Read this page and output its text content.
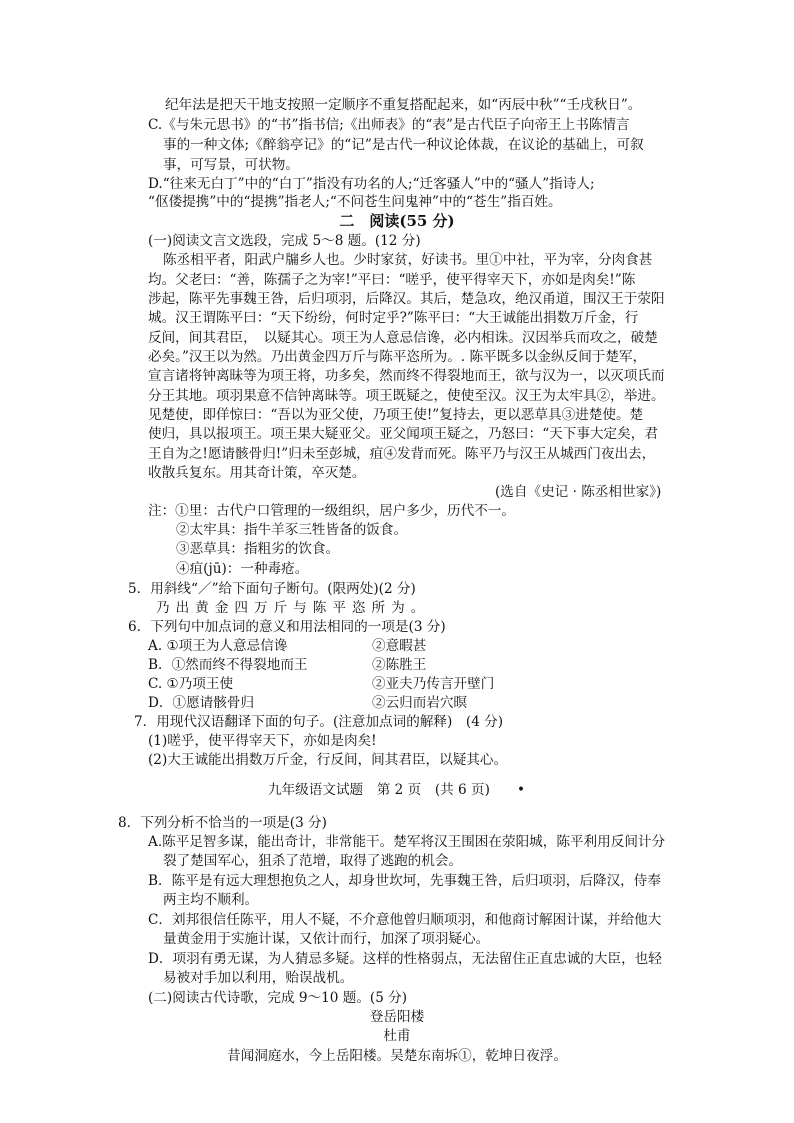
纪年法是把天干地支按照一定顺序不重复搭配起来，如“丙辰中秋”“壬戌秋日”。
C.《与朱元思书》的“书”指书信;《出师表》的“表”是古代臣子向帝王上书陈情言
事的一种文体;《醉翁亭记》的“记”是古代一种议论体裁，在议论的基础上，可叙
事，可写景，可状物。
D.“往来无白丁”中的“白丁”指没有功名的人;“迁客骚人”中的“骚人”指诗人;
“伛偻提携”中的“提携”指老人;“不问苍生问鬼神”中的“苍生”指百姓。
二　阅读(55 分)
(一)阅读文言文选段，完成 5～8 题。(12 分)
陈丞相平者，阳武户牖乡人也。少时家贫，好读书。里①中社，平为宰，分肉食甚
均。父老曰：“善，陈孺子之为宰!”平曰：“嗟乎，使平得宰天下，亦如是肉矣!”陈
涉起，陈平先事魏王咎，后归项羽，后降汉。其后，楚急攻，绝汉甬道，围汉王于荥阳
城。汉王谓陈平曰：“天下纷纷，何时定乎?”陈平曰：“大王诚能出捐数万斤金，行
反间，间其君臣，　以疑其心。项王为人意忌信谗，必内相诛。汉因举兵而攻之，破楚
必矣。”汉王以为然。乃出黄金四万斤与陈平恣所为。. 陈平既多以金纵反间于楚军，
宣言诸将钟离昧等为项王将，功多矣，然而终不得裂地而王，欲与汉为一，以灭项氏而
分王其地。项羽果意不信钟离昧等。项王既疑之，使使至汉。汉王为太牢具②，举进。
见楚使，即佯惊曰：“吾以为亚父使，乃项王使!”复持去，更以恶草具③进楚使。楚
使归，具以报项王。项王果大疑亚父。亚父闻项王疑之，乃怒曰：“天下事大定矣，君
王自为之!愿请骸骨归!”归未至彭城，疽④发背而死。陈平乃与汉王从城西门夜出去，
收散兵复东。用其奇计策，卒灭楚。
(选自《史记 · 陈丞相世家》)
注：①里：古代户口管理的一级组织，居户多少，历代不一。
②太牢具：指牛羊豕三牲皆备的饭食。
③恶草具：指粗劣的饮食。
④疽(jū)：一种毒疮。
5．用斜线“／”给下面句子断句。(限两处)(2 分)
乃出黄金四万斤与陈平恣所为。
6．下列句中加点词的意义和用法相同的一项是(3 分)
A. ①项王为人意忌信谗	②意暇甚
B．①然而终不得裂地而王	②陈胜王
C. ①乃项王使	②亚夫乃传言开壁门
D．①愿请骸骨归	②云归而岩穴暝
7．用现代汉语翻译下面的句子。(注意加点词的解释)　(4 分)
(1)嗟乎，使平得宰天下，亦如是肉矣!
(2)大王诚能出捐数万斤金，行反间，间其君臣，以疑其心。
九年级语文试题　第 2 页　(共 6 页) •
8．下列分析不恰当的一项是(3 分)
A.陈平足智多谋，能出奇计，非常能干。楚军将汉王围困在荥阳城，陈平利用反间计分
裂了楚国军心，狙杀了范增，取得了逃跑的机会。
B．陈平是有远大理想抱负之人，却身世坎坷，先事魏王咎，后归项羽，后降汉，侍奉
两主均不顺利。
C．刘邦很信任陈平，用人不疑，不介意他曾归顺项羽，和他商讨解困计谋，并给他大
量黄金用于实施计谋，又依计而行，加深了项羽疑心。
D．项羽有勇无谋，为人猜忌多疑。这样的性格弱点，无法留住正直忠诚的大臣，也轻
易被对手加以利用，贻误战机。
(二)阅读古代诗歌，完成 9～10 题。(5 分)
登岳阳楼
杜甫
昔闻洞庭水，今上岳阳楼。吴楚东南坼①，乾坤日夜浮。
